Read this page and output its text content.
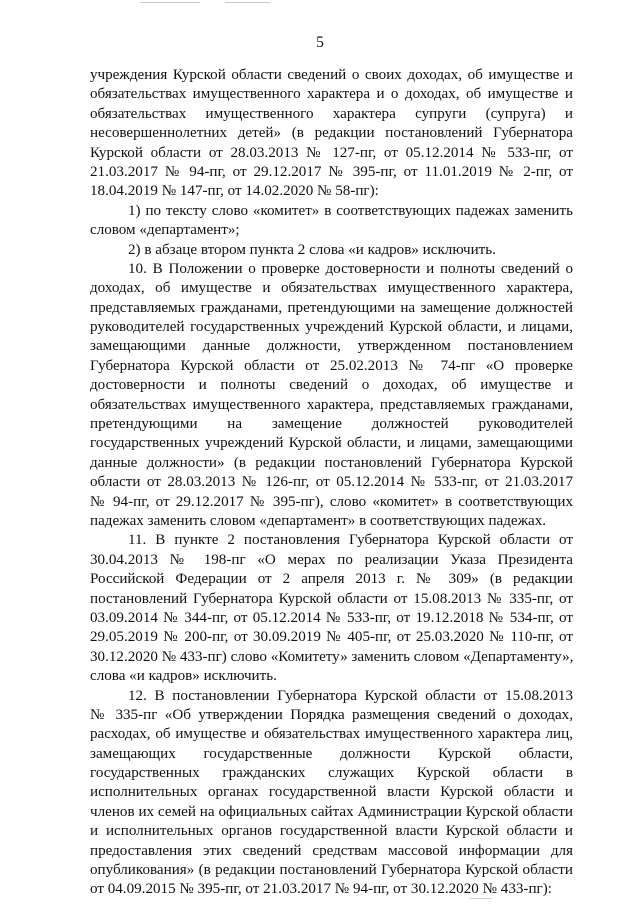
5
учреждения Курской области сведений о своих доходах, об имуществе и
обязательствах имущественного характера и о доходах, об имуществе и
обязательствах имущественного характера супруги (супруга) и
несовершеннолетних детей» (в редакции постановлений Губернатора
Курской области от 28.03.2013 № 127-пг, от 05.12.2014 № 533-пг, от
21.03.2017 № 94-пг, от 29.12.2017 № 395-пг, от 11.01.2019 № 2-пг, от
18.04.2019 № 147-пг, от 14.02.2020 № 58-пг):
1) по тексту слово «комитет» в соответствующих падежах заменить
словом «департамент»;
2) в абзаце втором пункта 2 слова «и кадров» исключить.
10. В Положении о проверке достоверности и полноты сведений о
доходах, об имуществе и обязательствах имущественного характера,
представляемых гражданами, претендующими на замещение должностей
руководителей государственных учреждений Курской области, и лицами,
замещающими данные должности, утвержденном постановлением
Губернатора Курской области от 25.02.2013 № 74-пг «О проверке
достоверности и полноты сведений о доходах, об имуществе и
обязательствах имущественного характера, представляемых гражданами,
претендующими на замещение должностей руководителей
государственных учреждений Курской области, и лицами, замещающими
данные должности» (в редакции постановлений Губернатора Курской
области от 28.03.2013 № 126-пг, от 05.12.2014 № 533-пг, от 21.03.2017
№ 94-пг, от 29.12.2017 № 395-пг), слово «комитет» в соответствующих
падежах заменить словом «департамент» в соответствующих падежах.
11. В пункте 2 постановления Губернатора Курской области от
30.04.2013 № 198-пг «О мерах по реализации Указа Президента
Российской Федерации от 2 апреля 2013 г. № 309» (в редакции
постановлений Губернатора Курской области от 15.08.2013 № 335-пг, от
03.09.2014 № 344-пг, от 05.12.2014 № 533-пг, от 19.12.2018 № 534-пг, от
29.05.2019 № 200-пг, от 30.09.2019 № 405-пг, от 25.03.2020 № 110-пг, от
30.12.2020 № 433-пг) слово «Комитету» заменить словом «Департаменту»,
слова «и кадров» исключить.
12. В постановлении Губернатора Курской области от 15.08.2013
№ 335-пг «Об утверждении Порядка размещения сведений о доходах,
расходах, об имуществе и обязательствах имущественного характера лиц,
замещающих государственные должности Курской области,
государственных гражданских служащих Курской области в
исполнительных органах государственной власти Курской области и
членов их семей на официальных сайтах Администрации Курской области
и исполнительных органов государственной власти Курской области и
предоставления этих сведений средствам массовой информации для
опубликования» (в редакции постановлений Губернатора Курской области
от 04.09.2015 № 395-пг, от 21.03.2017 № 94-пг, от 30.12.2020 № 433-пг):
